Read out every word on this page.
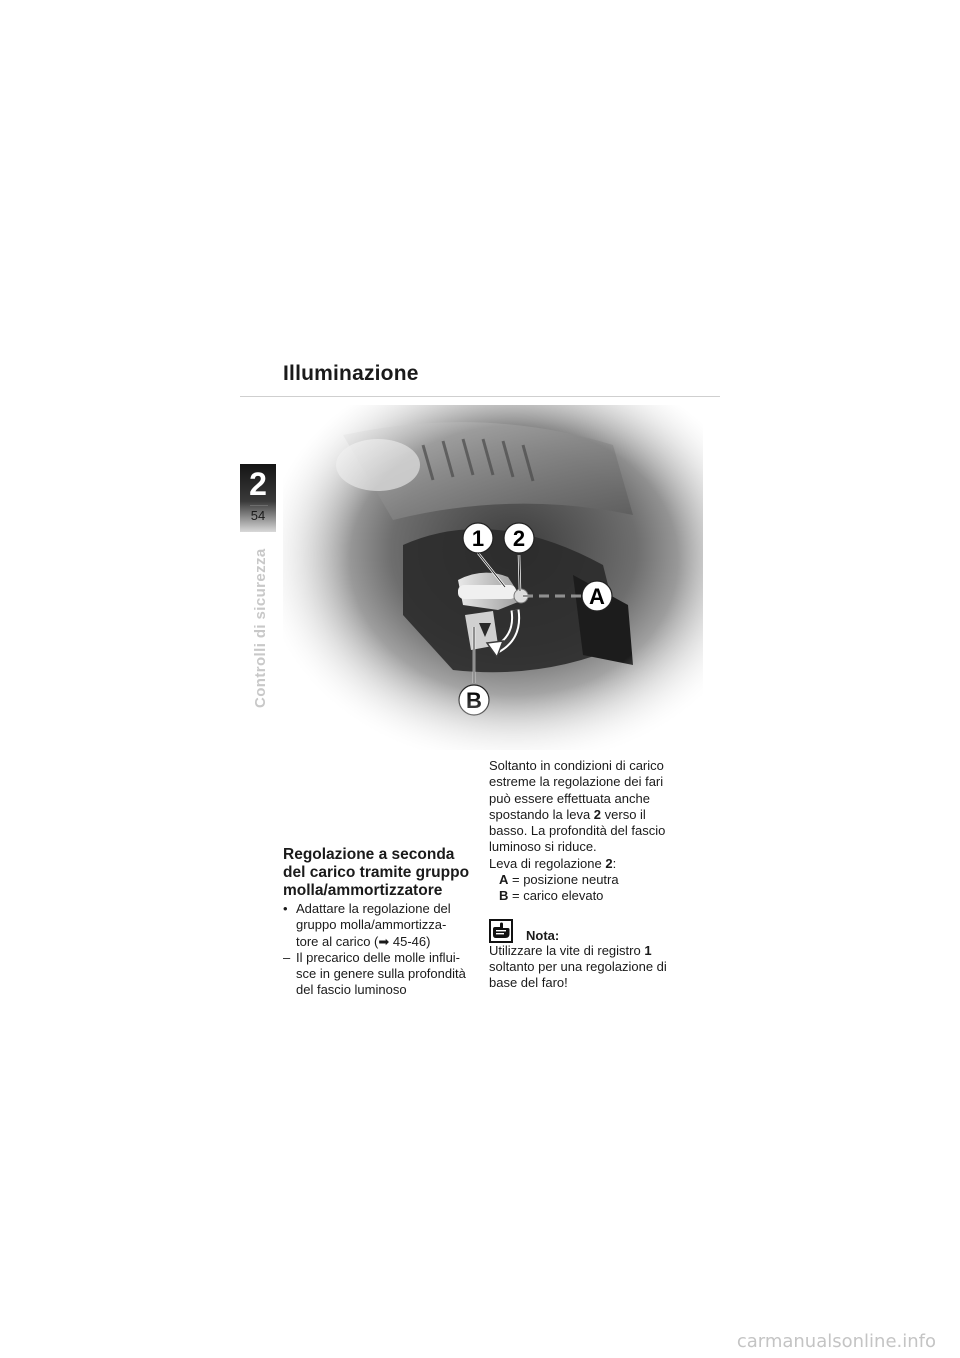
Illuminazione
2
54
Controlli di sicurezza
Regolazione a seconda
del carico tramite gruppo
molla/ammortizzatore
• Adattare la regolazione del
gruppo molla/ammortizza-
tore al carico (➡ 45-46)
– Il precarico delle molle influi-
sce in genere sulla profondità
del fascio luminoso
Soltanto in condizioni di carico
estreme la regolazione dei fari
può essere effettuata anche
spostando la leva 2 verso il
basso. La profondità del fascio
luminoso si riduce.
Leva di regolazione 2:
A = posizione neutra
B = carico elevato
Nota:
Utilizzare la vite di registro 1
soltanto per una regolazione di
base del faro!
carmanualsonline.info
